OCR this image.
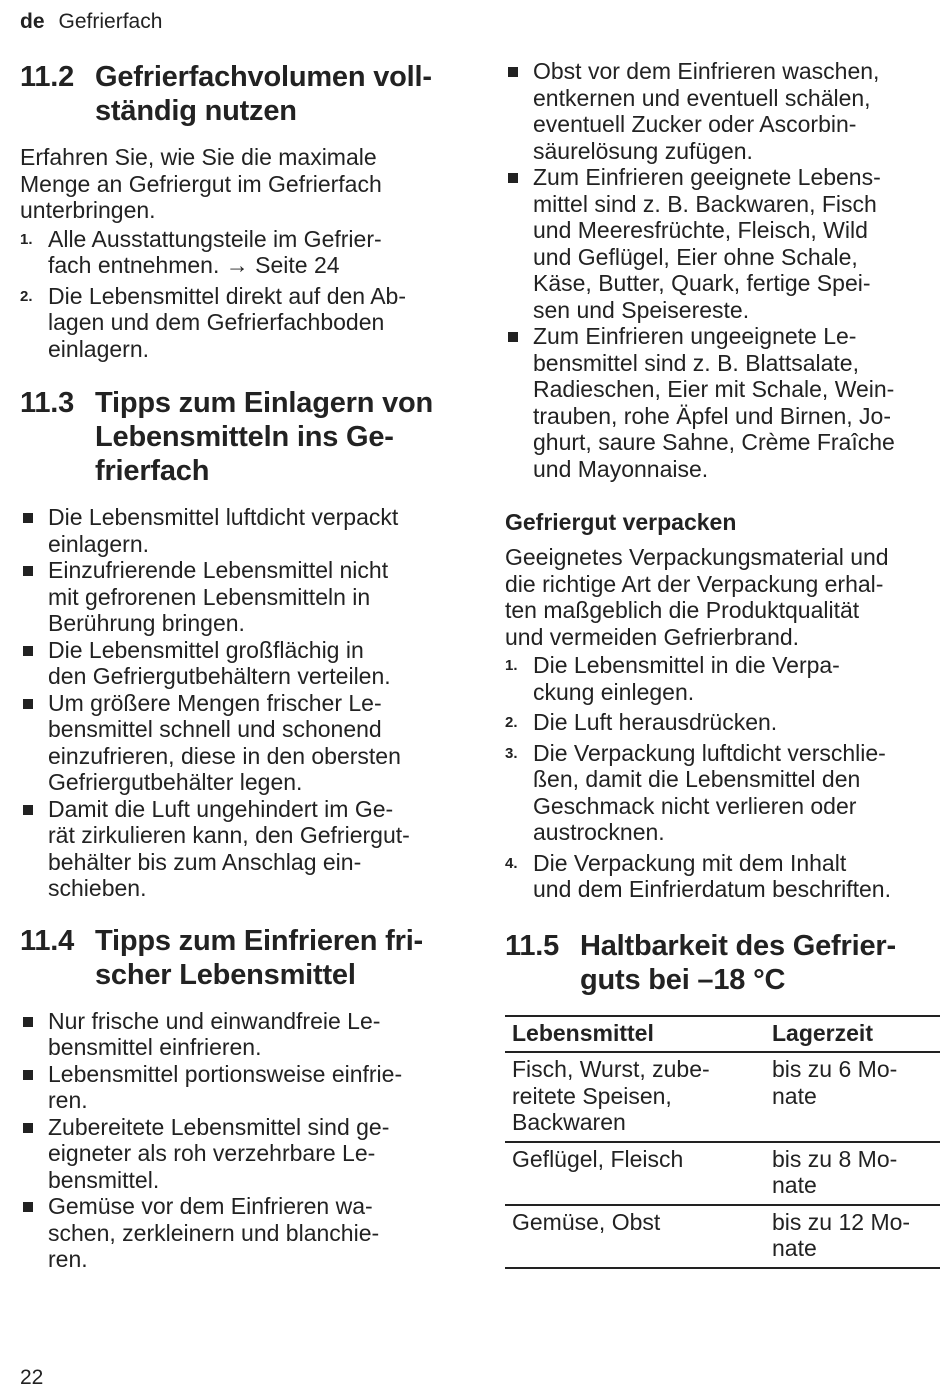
de Gefrierfach
11.2 Gefrierfachvolumen voll-
ständig nutzen

Erfahren Sie, wie Sie die maximale
Menge an Gefriergut im Gefrierfach
unterbringen.

1. Alle Ausstattungsteile im Gefrier-
fach entnehmen. → Seite 24
2. Die Lebensmittel direkt auf den Ab-
lagen und dem Gefrierfachboden
einlagern.
11.3 Tipps zum Einlagern von
Lebensmitteln ins Ge-
frierfach
Die Lebensmittel luftdicht verpackt
einlagern.
Einzufrierende Lebensmittel nicht
mit gefrorenen Lebensmitteln in
Berührung bringen.
Die Lebensmittel großflächig in
den Gefriergutbehältern verteilen.
Um größere Mengen frischer Le-
bensmittel schnell und schonend
einzufrieren, diese in den obersten
Gefriergutbehälter legen.
Damit die Luft ungehindert im Ge-
rät zirkulieren kann, den Gefriergut-
behälter bis zum Anschlag ein-
schieben.
11.4 Tipps zum Einfrieren fri-
scher Lebensmittel
Nur frische und einwandfreie Le-
bensmittel einfrieren.
Lebensmittel portionsweise einfrie-
ren.
Zubereitete Lebensmittel sind ge-
eigneter als roh verzehrbare Le-
bensmittel.
Gemüse vor dem Einfrieren wa-
schen, zerkleinern und blanchie-
ren.
Obst vor dem Einfrieren waschen,
entkernen und eventuell schälen,
eventuell Zucker oder Ascorbin-
säurelösung zufügen.
Zum Einfrieren geeignete Lebens-
mittel sind z. B. Backwaren, Fisch
und Meeresfrüchte, Fleisch, Wild
und Geflügel, Eier ohne Schale,
Käse, Butter, Quark, fertige Spei-
sen und Speisereste.
Zum Einfrieren ungeeignete Le-
bensmittel sind z. B. Blattsalate,
Radieschen, Eier mit Schale, Wein-
trauben, rohe Äpfel und Birnen, Jo-
ghurt, saure Sahne, Crème Fraîche
und Mayonnaise.
Gefriergut verpacken

Geeignetes Verpackungsmaterial und
die richtige Art der Verpackung erhal-
ten maßgeblich die Produktqualität
und vermeiden Gefrierbrand.

1. Die Lebensmittel in die Verpa-
ckung einlegen.
2. Die Luft herausdrücken.
3. Die Verpackung luftdicht verschlie-
ßen, damit die Lebensmittel den
Geschmack nicht verlieren oder
austrocknen.
4. Die Verpackung mit dem Inhalt
und dem Einfrierdatum beschriften.
11.5 Haltbarkeit des Gefrier-
guts bei –18 °C
Lebensmittel	Lagerzeit
Fisch, Wurst, zube-
reitete Speisen,
Backwaren	bis zu 6 Mo-
nate
Geflügel, Fleisch	bis zu 8 Mo-
nate
Gemüse, Obst	bis zu 12 Mo-
nate
22
